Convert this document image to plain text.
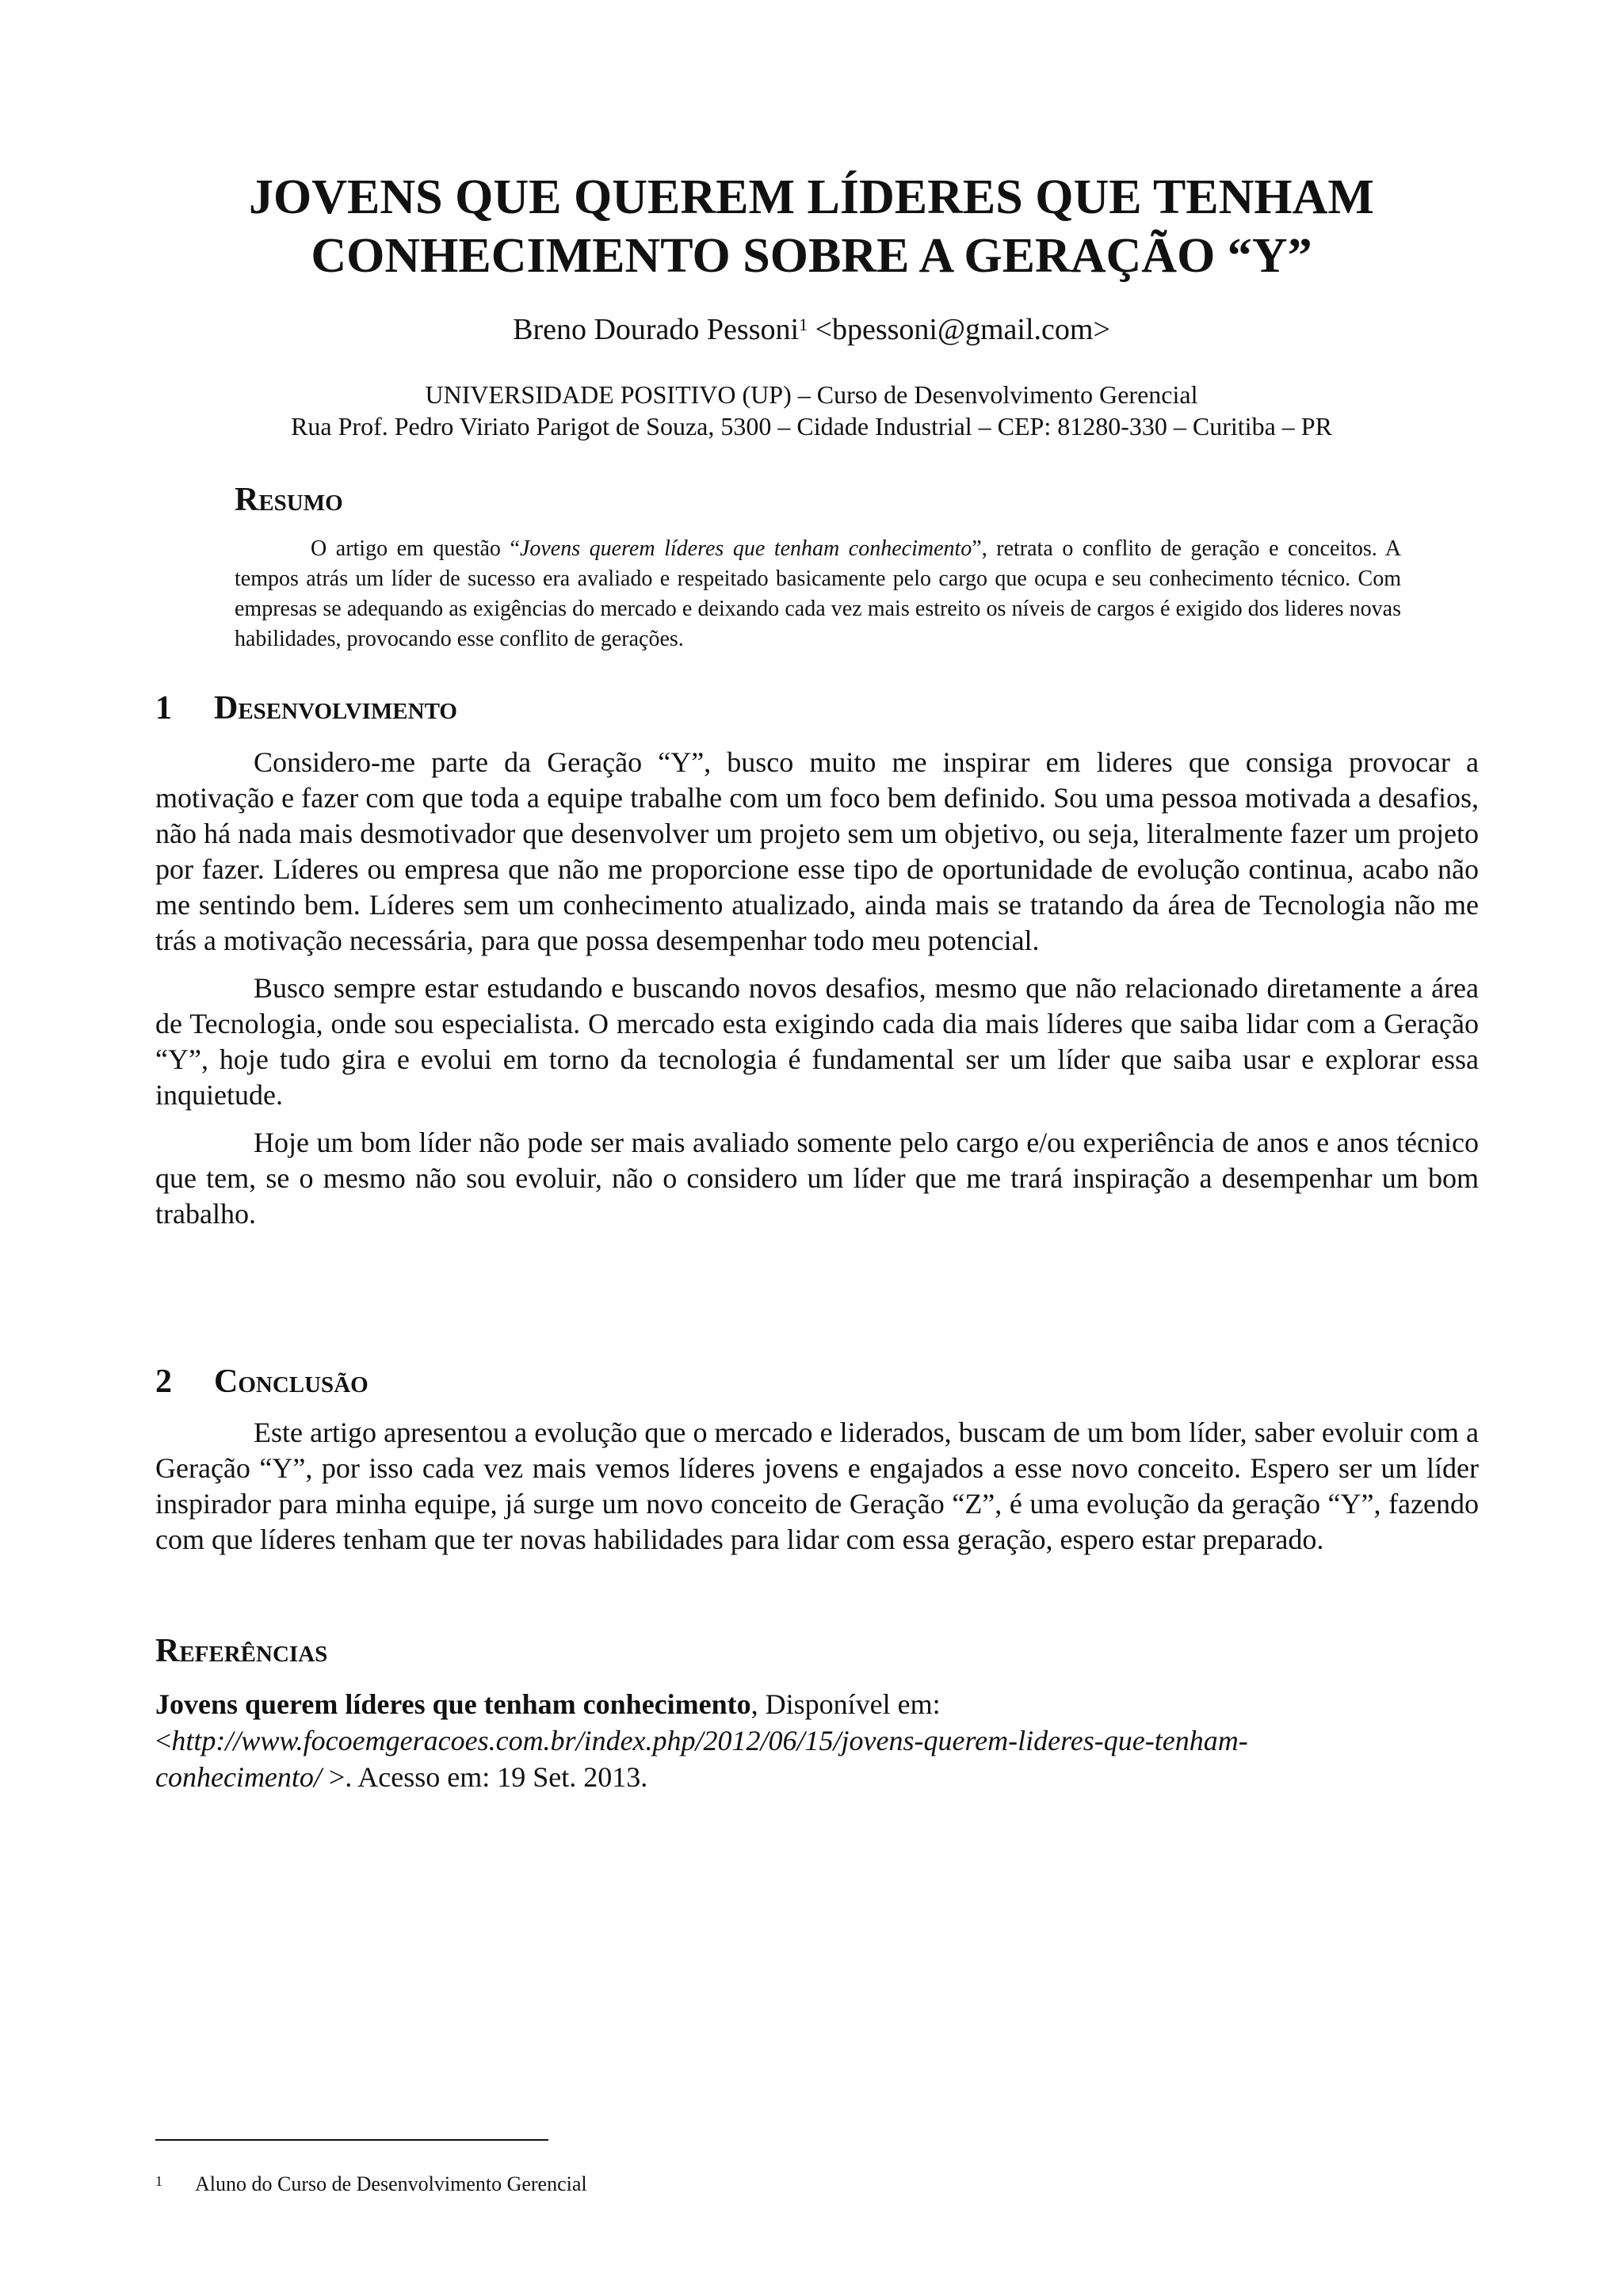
JOVENS QUE QUEREM LÍDERES QUE TENHAM
CONHECIMENTO SOBRE A GERAÇÃO “Y”
Breno Dourado Pessoni$^1$ <bpessoni@gmail.com>
UNIVERSIDADE POSITIVO (UP) – Curso de Desenvolvimento Gerencial
Rua Prof. Pedro Viriato Parigot de Souza, 5300 – Cidade Industrial – CEP: 81280-330 – Curitiba – PR
Resumo

O artigo em questão “Jovens querem líderes que tenham conhecimento”, retrata o conflito de geração e conceitos. A tempos atrás um líder de sucesso era avaliado e respeitado basicamente pelo cargo que ocupa e seu conhecimento técnico. Com empresas se adequando as exigências do mercado e deixando cada vez mais estreito os níveis de cargos é exigido dos lideres novas habilidades, provocando esse conflito de gerações.

1 Desenvolvimento

Considero-me parte da Geração “Y”, busco muito me inspirar em lideres que consiga provocar a motivação e fazer com que toda a equipe trabalhe com um foco bem definido. Sou uma pessoa motivada a desafios, não há nada mais desmotivador que desenvolver um projeto sem um objetivo, ou seja, literalmente fazer um projeto por fazer. Líderes ou empresa que não me proporcione esse tipo de oportunidade de evolução continua, acabo não me sentindo bem. Líderes sem um conhecimento atualizado, ainda mais se tratando da área de Tecnologia não me trás a motivação necessária, para que possa desempenhar todo meu potencial.

Busco sempre estar estudando e buscando novos desafios, mesmo que não relacionado diretamente a área de Tecnologia, onde sou especialista. O mercado esta exigindo cada dia mais líderes que saiba lidar com a Geração “Y”, hoje tudo gira e evolui em torno da tecnologia é fundamental ser um líder que saiba usar e explorar essa inquietude.

Hoje um bom líder não pode ser mais avaliado somente pelo cargo e/ou experiência de anos e anos técnico que tem, se o mesmo não sou evoluir, não o considero um líder que me trará inspiração a desempenhar um bom trabalho.

2 Conclusão

Este artigo apresentou a evolução que o mercado e liderados, buscam de um bom líder, saber evoluir com a Geração “Y”, por isso cada vez mais vemos líderes jovens e engajados a esse novo conceito. Espero ser um líder inspirador para minha equipe, já surge um novo conceito de Geração “Z”, é uma evolução da geração “Y”, fazendo com que líderes tenham que ter novas habilidades para lidar com essa geração, espero estar preparado.

Referências

Jovens querem líderes que tenham conhecimento, Disponível em:
<http://www.focoemgeracoes.com.br/index.php/2012/06/15/jovens-querem-lideres-que-tenham-
conhecimento/ >. Acesso em: 19 Set. 2013.

1 Aluno do Curso de Desenvolvimento Gerencial
